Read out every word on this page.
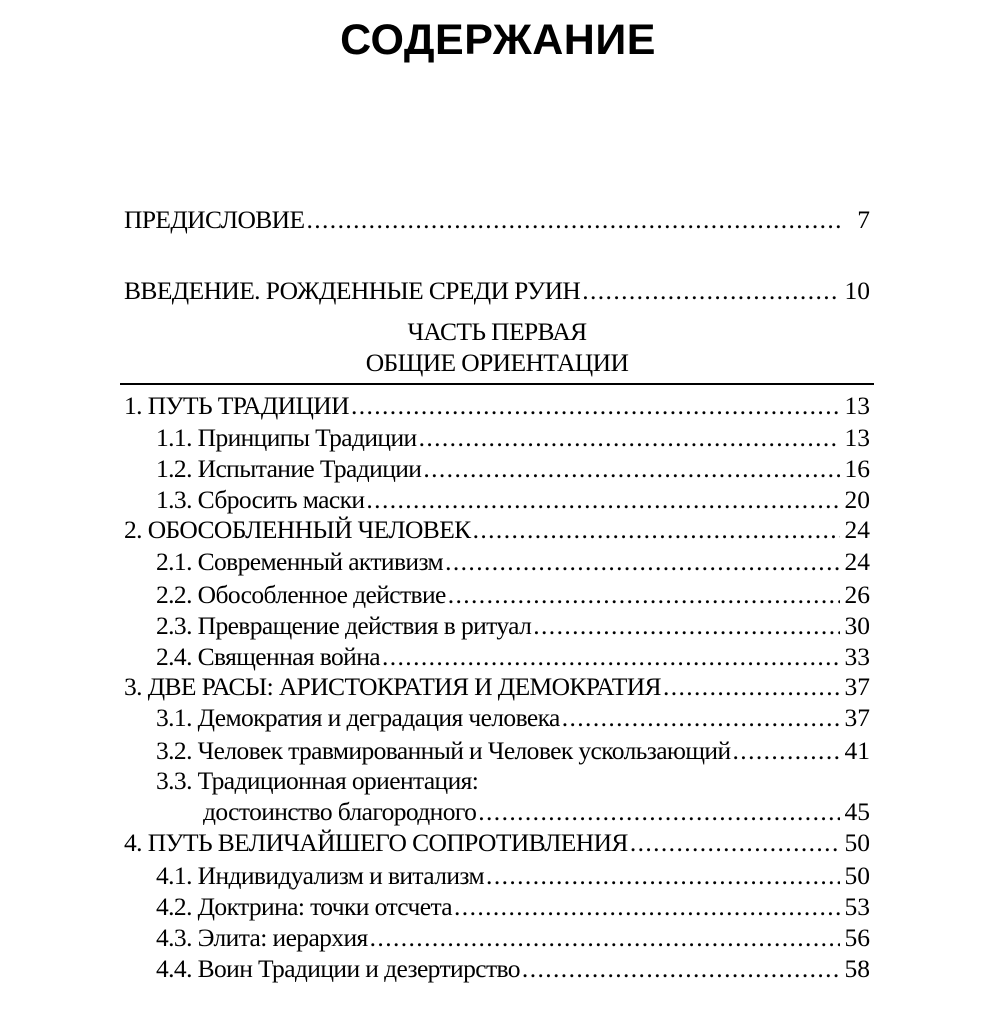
СОДЕРЖАНИЕ
ПРЕДИСЛОВИЕ .....	7
ВВЕДЕНИЕ. РОЖДЕННЫЕ СРЕДИ РУИН .....	10
ЧАСТЬ ПЕРВАЯ
ОБЩИЕ ОРИЕНТАЦИИ
1. ПУТЬ ТРАДИЦИИ .....	13
1.1. Принципы Традиции .....	13
1.2. Испытание Традиции .....	16
1.3. Сбросить маски .....	20
2. ОБОСОБЛЕННЫЙ ЧЕЛОВЕК .....	24
2.1. Современный активизм .....	24
2.2. Обособленное действие .....	26
2.3. Превращение действия в ритуал .....	30
2.4. Священная война .....	33
3. ДВЕ РАСЫ: АРИСТОКРАТИЯ И ДЕМОКРАТИЯ .....	37
3.1. Демократия и деградация человека .....	37
3.2. Человек травмированный и Человек ускользающий .....	41
3.3. Традиционная ориентация:
достоинство благородного .....	45
4. ПУТЬ ВЕЛИЧАЙШЕГО СОПРОТИВЛЕНИЯ .....	50
4.1. Индивидуализм и витализм .....	50
4.2. Доктрина: точки отсчета .....	53
4.3. Элита: иерархия .....	56
4.4. Воин Традиции и дезертирство .....	58
